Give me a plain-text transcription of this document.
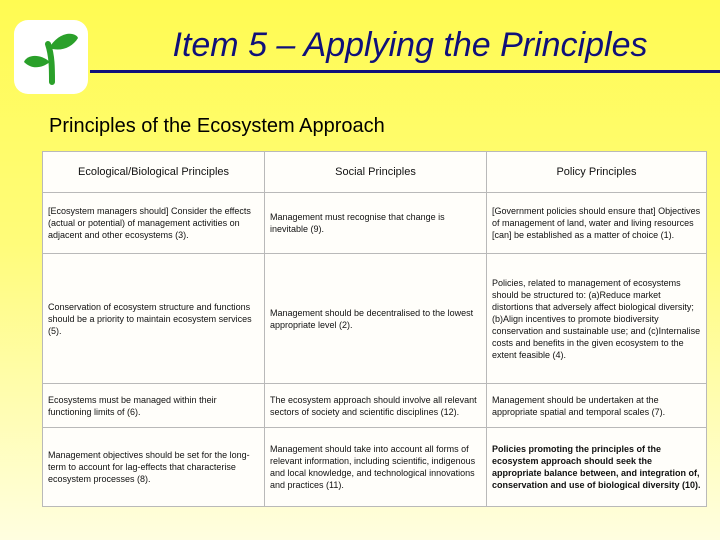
Item 5 – Applying the Principles
Principles of the Ecosystem Approach
Ecological/Biological Principles	Social Principles	Policy Principles
[Ecosystem managers should] Consider the effects (actual or potential) of management activities on adjacent and other ecosystems (3).	Management must recognise that change is inevitable (9).	[Government policies should ensure that] Objectives of management of land, water and living resources [can] be established as a matter of choice (1).
Conservation of ecosystem structure and functions should be a priority to maintain ecosystem services (5).	Management should be decentralised to the lowest appropriate level (2).	Policies, related to management of ecosystems should be structured to: (a)Reduce market distortions that adversely affect biological diversity; (b)Align incentives to promote biodiversity conservation and sustainable use; and (c)Internalise costs and benefits in the given ecosystem to the extent feasible (4).
Ecosystems must be managed within their functioning limits of (6).	The ecosystem approach should involve all relevant sectors of society and scientific disciplines (12).	Management should be undertaken at the appropriate spatial and temporal scales (7).
Management objectives should be set for the long-term to account for lag-effects that characterise ecosystem processes (8).	Management should take into account all forms of relevant information, including scientific, indigenous and local knowledge, and technological innovations and practices (11).	Policies promoting the principles of the ecosystem approach should seek the appropriate balance between, and integration of, conservation and use of biological diversity (10).
